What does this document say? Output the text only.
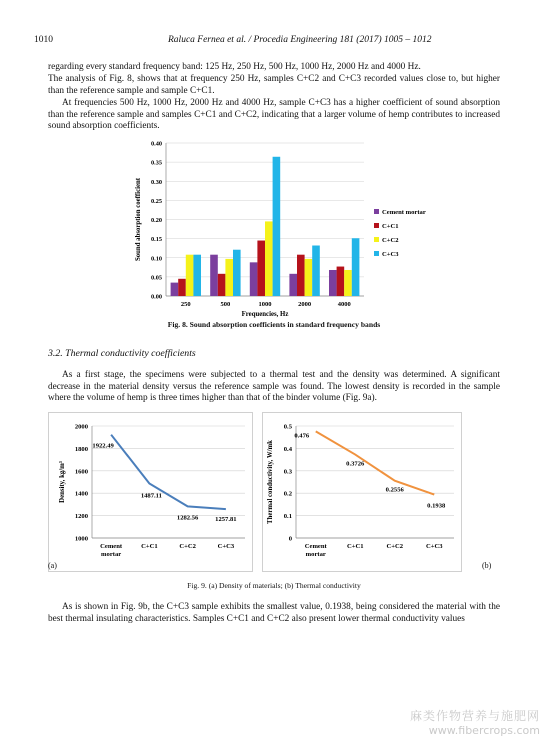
1010	Raluca Fernea et al. / Procedia Engineering 181 (2017) 1005 – 1012
regarding every standard frequency band: 125 Hz, 250 Hz, 500 Hz, 1000 Hz, 2000 Hz and 4000 Hz.
The analysis of Fig. 8, shows that at frequency 250 Hz, samples C+C2 and C+C3 recorded values close to, but higher than the reference sample and sample C+C1.
At frequencies 500 Hz, 1000 Hz, 2000 Hz and 4000 Hz, sample C+C3 has a higher coefficient of sound absorption than the reference sample and samples C+C1 and C+C2, indicating that a larger volume of hemp contributes to increased sound absorption coefficients.
0.00
0.05
0.10
0.15
0.20
0.25
0.30
0.35
0.40
250	500	1000	2000	4000
Frequencies, Hz
Sound absorption coefficient	Cement mortar
C+C1
C+C2
C+C3
Fig. 8. Sound absorption coefficients in standard frequency bands
3.2. Thermal conductivity coefficients
As a first stage, the specimens were subjected to a thermal test and the density was determined. A significant decrease in the material density versus the reference sample was found. The lowest density is recorded in the sample where the volume of hemp is three times higher than that of the binder volume (Fig. 9a).
1000
1200
1400
1600
1800
2000
Cement
mortar
C+C1	C+C2	C+C3
1922.49
1487.11
1282.56	1257.81
Density, kg/m³
0
0.1
0.2
0.3
0.4
0.5
Cement
mortar
C+C1	C+C2	C+C3
0.476
0.3726
0.2556
0.1938
Thermal conductivity, W/mk
(a)	(b)
Fig. 9. (a) Density of materials; (b) Thermal conductivity
As is shown in Fig. 9b, the C+C3 sample exhibits the smallest value, 0.1938, being considered the material with the best thermal insulating characteristics. Samples C+C1 and C+C2 also present lower thermal conductivity values
麻类作物营养与施肥网
www.fibercrops.com
